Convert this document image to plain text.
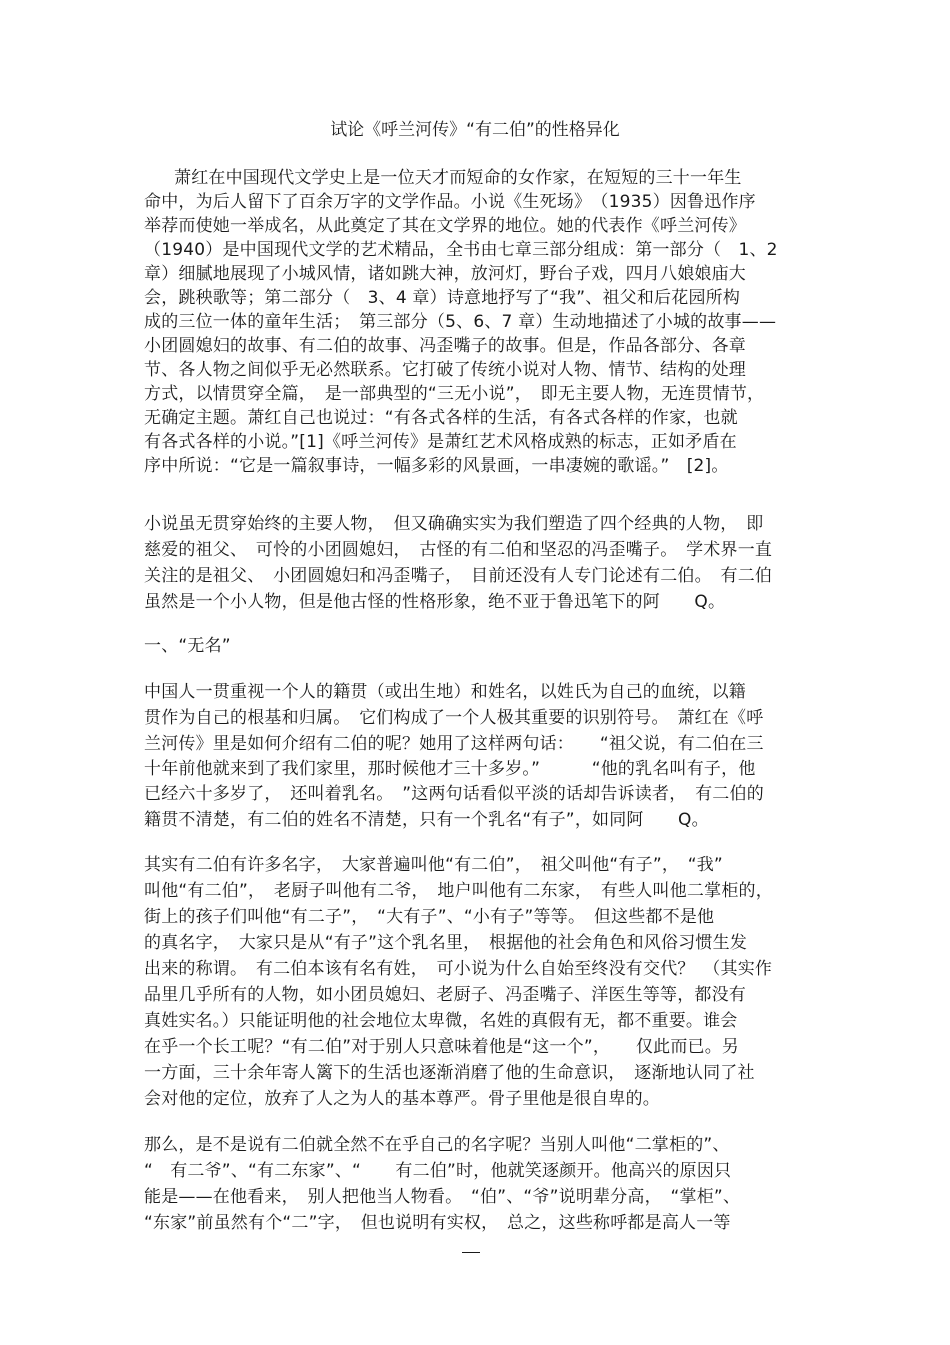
试论《呼兰河传》“有二伯”的性格异化
萧红在中国现代文学史上是一位天才而短命的女作家，在短短的三十一年生
命中，为后人留下了百余万字的文学作品。小说《生死场》　（1935）因鲁迅作序
举荐而使她一举成名，从此奠定了其在文学界的地位。她的代表作《呼兰河传》
（1940）是中国现代文学的艺术精品，全书由七章三部分组成：第一部分（　1、2
章）细腻地展现了小城风情，诸如跳大神，放河灯，野台子戏，四月八娘娘庙大
会，跳秧歌等；第二部分（　3、4 章）诗意地抒写了“我”、祖父和后花园所构
成的三位一体的童年生活；　第三部分（5、6、7 章）生动地描述了小城的故事——
小团圆媳妇的故事、有二伯的故事、冯歪嘴子的故事。但是，作品各部分、各章
节、各人物之间似乎无必然联系。它打破了传统小说对人物、情节、结构的处理
方式，以情贯穿全篇，　是一部典型的“三无小说”，　即无主要人物，无连贯情节，
无确定主题。萧红自己也说过：“有各式各样的生活，有各式各样的作家，也就
有各式各样的小说。”[1]《呼兰河传》是萧红艺术风格成熟的标志，正如矛盾在
序中所说：“它是一篇叙事诗，一幅多彩的风景画，一串凄婉的歌谣。”　[2]。
小说虽无贯穿始终的主要人物，　但又确确实实为我们塑造了四个经典的人物，　即
慈爱的祖父、　可怜的小团圆媳妇，　古怪的有二伯和坚忍的冯歪嘴子。　学术界一直
关注的是祖父、　小团圆媳妇和冯歪嘴子，　目前还没有人专门论述有二伯。　有二伯
虽然是一个小人物，但是他古怪的性格形象，绝不亚于鲁迅笔下的阿　　Q。
一、“无名”
中国人一贯重视一个人的籍贯（或出生地）和姓名，以姓氏为自己的血统，以籍
贯作为自己的根基和归属。　它们构成了一个人极其重要的识别符号。　萧红在《呼
兰河传》里是如何介绍有二伯的呢？她用了这样两句话：　　“祖父说，有二伯在三
十年前他就来到了我们家里，那时候他才三十多岁。”　　　“他的乳名叫有子，他
已经六十多岁了，　还叫着乳名。　”这两句话看似平淡的话却告诉读者，　有二伯的
籍贯不清楚，有二伯的姓名不清楚，只有一个乳名“有子”，如同阿　　Q。
其实有二伯有许多名字，　大家普遍叫他“有二伯”，　祖父叫他“有子”，　“我”
叫他“有二伯”，　老厨子叫他有二爷，　地户叫他有二东家，　有些人叫他二掌柜的，
街上的孩子们叫他“有二子”，　“大有子”、“小有子”等等。　但这些都不是他
的真名字，　大家只是从“有子”这个乳名里，　根据他的社会角色和风俗习惯生发
出来的称谓。　有二伯本该有名有姓，　可小说为什么自始至终没有交代？　（其实作
品里几乎所有的人物，如小团员媳妇、老厨子、冯歪嘴子、洋医生等等，都没有
真姓实名。）只能证明他的社会地位太卑微，名姓的真假有无，都不重要。谁会
在乎一个长工呢？“有二伯”对于别人只意味着他是“这一个”，　　仅此而已。另
一方面，三十余年寄人篱下的生活也逐渐消磨了他的生命意识，　逐渐地认同了社
会对他的定位，放弃了人之为人的基本尊严。骨子里他是很自卑的。
那么，是不是说有二伯就全然不在乎自己的名字呢？当别人叫他“二掌柜的”、
“　有二爷”、“有二东家”、“　　有二伯”时，他就笑逐颜开。他高兴的原因只
能是——在他看来，　别人把他当人物看。　“伯”、“爷”说明辈分高，　“掌柜”、
“东家”前虽然有个“二”字，　但也说明有实权，　总之，这些称呼都是高人一等
